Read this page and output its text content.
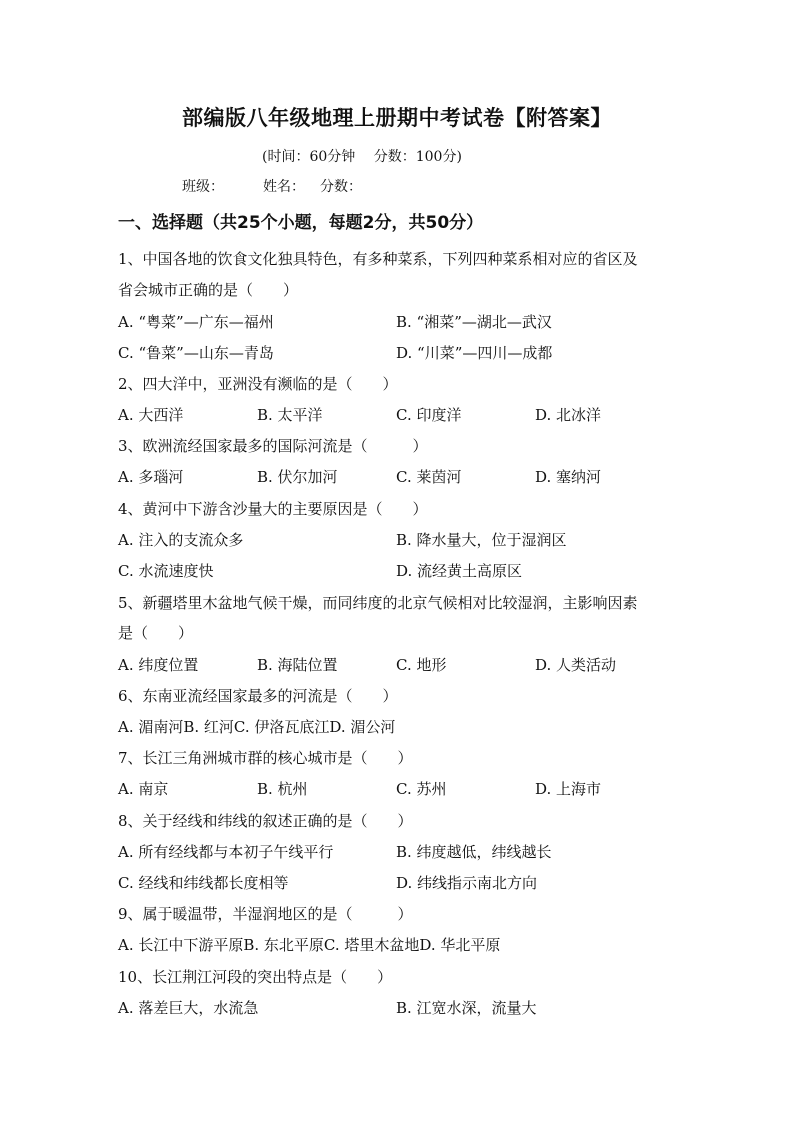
部编版八年级地理上册期中考试卷【附答案】
(时间：60分钟　 分数：100分)
班级：	姓名： 分数：
一、选择题（共25个小题，每题2分，共50分）
1、中国各地的饮食文化独具特色，有多种菜系，下列四种菜系相对应的省区及
省会城市正确的是（　　）
A. “粤菜”—广东—福州	B. “湘菜”—湖北—武汉
C. “鲁菜”—山东—青岛	D. “川菜”—四川—成都
2、四大洋中，亚洲没有濒临的是（　　）
A. 大西洋	B. 太平洋	C. 印度洋	D. 北冰洋
3、欧洲流经国家最多的国际河流是（　　　）
A. 多瑙河	B. 伏尔加河	C. 莱茵河	D. 塞纳河
4、黄河中下游含沙量大的主要原因是（　　）
A. 注入的支流众多	B. 降水量大，位于湿润区
C. 水流速度快	D. 流经黄土高原区
5、新疆塔里木盆地气候干燥，而同纬度的北京气候相对比较湿润，主影响因素
是（　　）
A. 纬度位置	B. 海陆位置	C. 地形	D. 人类活动
6、东南亚流经国家最多的河流是（　　）
A. 湄南河B. 红河C. 伊洛瓦底江D. 湄公河
7、长江三角洲城市群的核心城市是（　　）
A. 南京	B. 杭州	C. 苏州	D. 上海市
8、关于经线和纬线的叙述正确的是（　　）
A. 所有经线都与本初子午线平行	B. 纬度越低，纬线越长
C. 经线和纬线都长度相等	D. 纬线指示南北方向
9、属于暖温带，半湿润地区的是（　　　）
A. 长江中下游平原B. 东北平原C. 塔里木盆地D. 华北平原
10、长江荆江河段的突出特点是（　　）
A. 落差巨大，水流急	B. 江宽水深，流量大
